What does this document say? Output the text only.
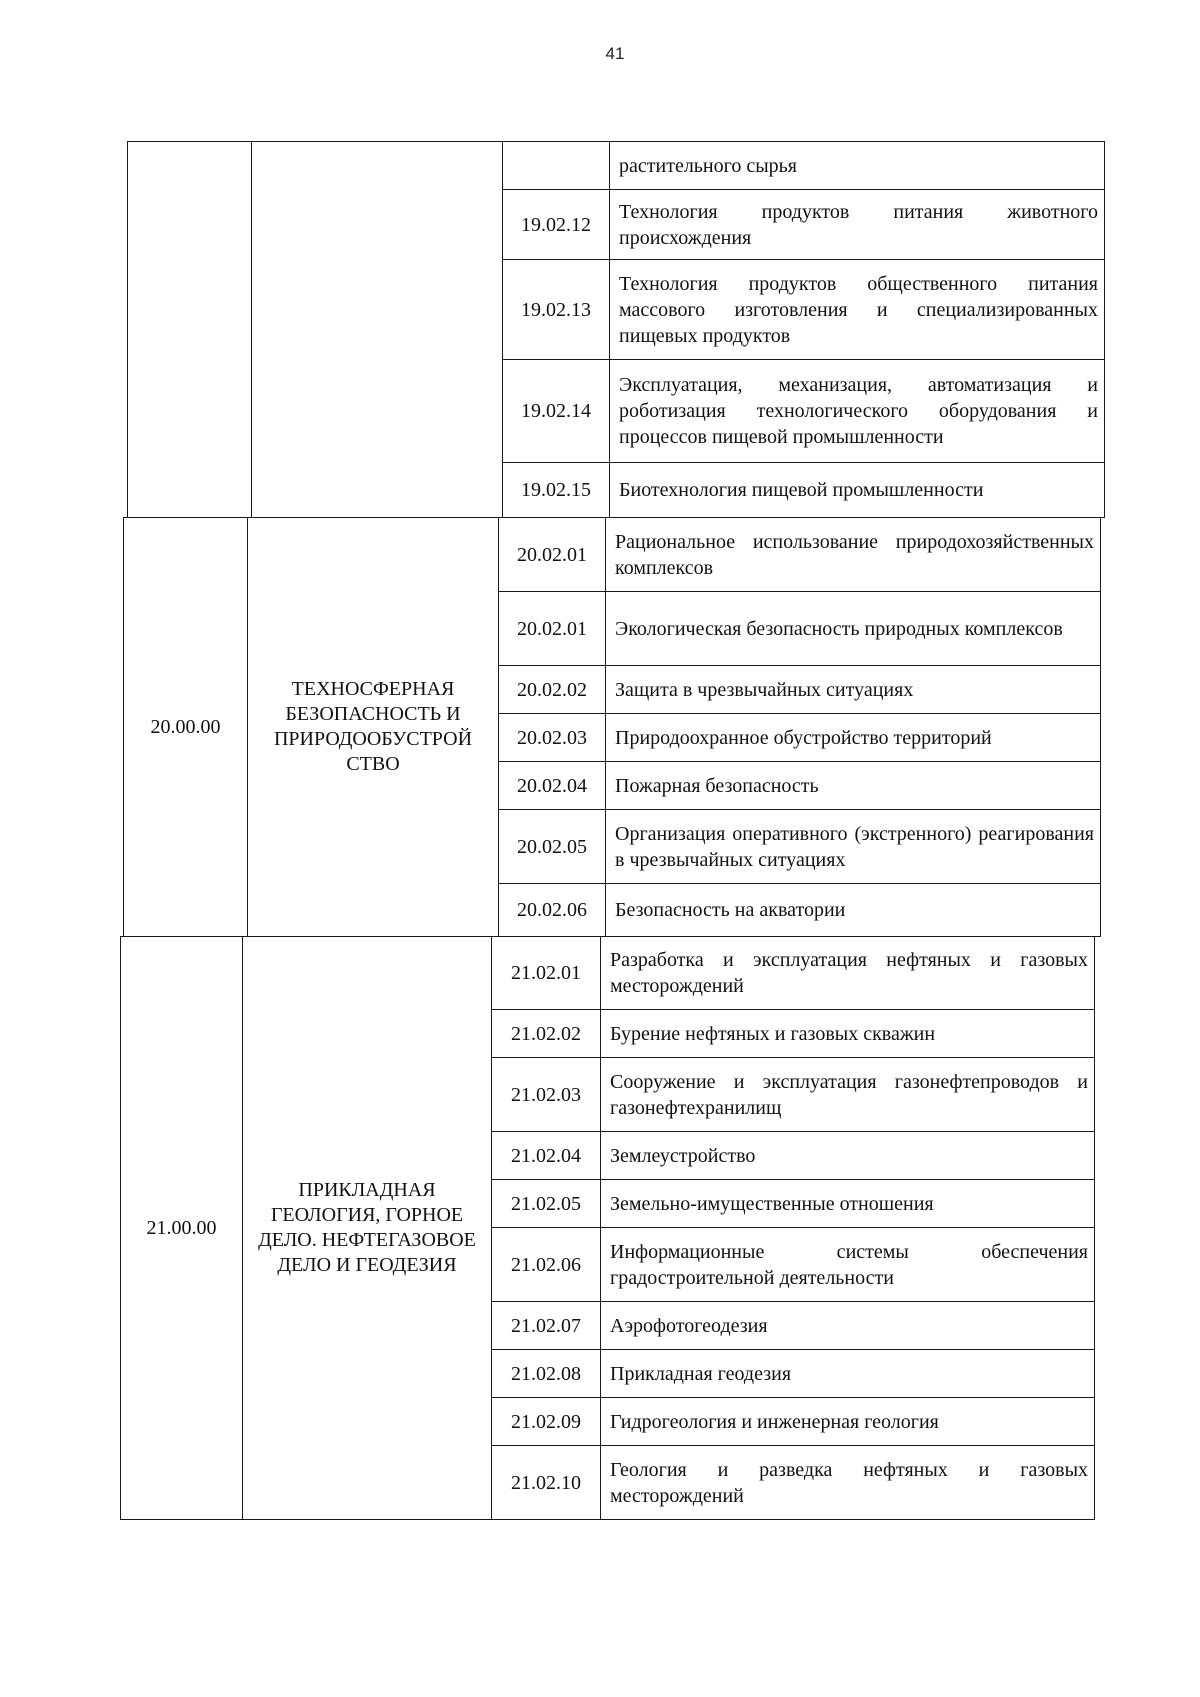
41
			растительного сырья
		19.02.12	Технология продуктов питания животного происхождения
		19.02.13	Технология продуктов общественного питания массового изготовления и специализированных пищевых продуктов
		19.02.14	Эксплуатация, механизация, автоматизация и роботизация технологического оборудования и процессов пищевой промышленности
		19.02.15	Биотехнология пищевой промышленности
20.00.00	ТЕХНОСФЕРНАЯ БЕЗОПАСНОСТЬ И ПРИРОДООБУСТРОЙ СТВО	20.02.01	Рациональное использование природохозяйственных комплексов
		20.02.01	Экологическая безопасность природных комплексов
		20.02.02	Защита в чрезвычайных ситуациях
		20.02.03	Природоохранное обустройство территорий
		20.02.04	Пожарная безопасность
		20.02.05	Организация оперативного (экстренного) реагирования в чрезвычайных ситуациях
		20.02.06	Безопасность на акватории
21.00.00	ПРИКЛАДНАЯ ГЕОЛОГИЯ, ГОРНОЕ ДЕЛО. НЕФТЕГАЗОВОЕ ДЕЛО И ГЕОДЕЗИЯ	21.02.01	Разработка и эксплуатация нефтяных и газовых месторождений
		21.02.02	Бурение нефтяных и газовых скважин
		21.02.03	Сооружение и эксплуатация газонефтепроводов и газонефтехранилищ
		21.02.04	Землеустройство
		21.02.05	Земельно-имущественные отношения
		21.02.06	Информационные системы обеспечения градостроительной деятельности
		21.02.07	Аэрофотогеодезия
		21.02.08	Прикладная геодезия
		21.02.09	Гидрогеология и инженерная геология
		21.02.10	Геология и разведка нефтяных и газовых месторождений
